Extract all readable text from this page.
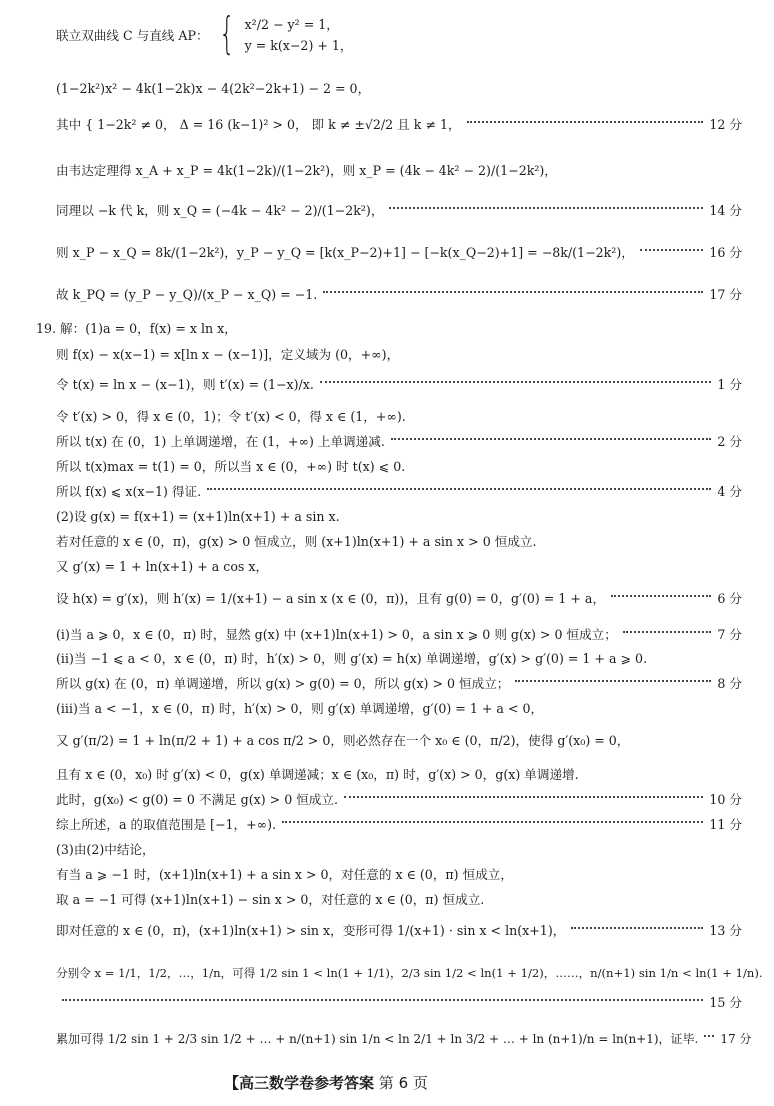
联立双曲线 C 与直线 AP： { x²/2 − y² = 1，
y = k(x−2) + 1，
(1−2k²)x² − 4k(1−2k)x − 4(2k²−2k+1) − 2 = 0，
其中 { 1−2k² ≠ 0， Δ = 16 (k−1)² > 0， 即 k ≠ ±√2/2 且 k ≠ 1，	12 分
由韦达定理得 x_A + x_P = 4k(1−2k)/(1−2k²)，则 x_P = (4k − 4k² − 2)/(1−2k²)，
同理以 −k 代 k，则 x_Q = (−4k − 4k² − 2)/(1−2k²)，	14 分
则 x_P − x_Q = 8k/(1−2k²)，y_P − y_Q = [k(x_P−2)+1] − [−k(x_Q−2)+1] = −8k/(1−2k²)，	16 分
故 k_PQ = (y_P − y_Q)/(x_P − x_Q) = −1.	17 分
19. 解：(1)a = 0，f(x) = x ln x，
则 f(x) − x(x−1) = x[ln x − (x−1)]，定义域为 (0，+∞)，
令 t(x) = ln x − (x−1)，则 t′(x) = (1−x)/x.	1 分
令 t′(x) > 0，得 x ∈ (0，1)；令 t′(x) < 0，得 x ∈ (1，+∞).
所以 t(x) 在 (0，1) 上单调递增，在 (1，+∞) 上单调递减.	2 分
所以 t(x)max = t(1) = 0，所以当 x ∈ (0，+∞) 时 t(x) ⩽ 0.
所以 f(x) ⩽ x(x−1) 得证.	4 分
(2)设 g(x) = f(x+1) = (x+1)ln(x+1) + a sin x.
若对任意的 x ∈ (0，π)，g(x) > 0 恒成立，则 (x+1)ln(x+1) + a sin x > 0 恒成立.
又 g′(x) = 1 + ln(x+1) + a cos x，
设 h(x) = g′(x)，则 h′(x) = 1/(x+1) − a sin x (x ∈ (0，π))，且有 g(0) = 0，g′(0) = 1 + a，	6 分
(ⅰ)当 a ⩾ 0，x ∈ (0，π) 时，显然 g(x) 中 (x+1)ln(x+1) > 0，a sin x ⩾ 0 则 g(x) > 0 恒成立；	7 分
(ⅱ)当 −1 ⩽ a < 0，x ∈ (0，π) 时，h′(x) > 0，则 g′(x) = h(x) 单调递增，g′(x) > g′(0) = 1 + a ⩾ 0.
所以 g(x) 在 (0，π) 单调递增，所以 g(x) > g(0) = 0，所以 g(x) > 0 恒成立；	8 分
(ⅲ)当 a < −1，x ∈ (0，π) 时，h′(x) > 0，则 g′(x) 单调递增，g′(0) = 1 + a < 0，
又 g′(π/2) = 1 + ln(π/2 + 1) + a cos π/2 > 0，则必然存在一个 x₀ ∈ (0，π/2)，使得 g′(x₀) = 0，
且有 x ∈ (0，x₀) 时 g′(x) < 0，g(x) 单调递减；x ∈ (x₀，π) 时，g′(x) > 0，g(x) 单调递增.
此时，g(x₀) < g(0) = 0 不满足 g(x) > 0 恒成立.	10 分
综上所述，a 的取值范围是 [−1，+∞).	11 分
(3)由(2)中结论，
有当 a ⩾ −1 时，(x+1)ln(x+1) + a sin x > 0，对任意的 x ∈ (0，π) 恒成立，
取 a = −1 可得 (x+1)ln(x+1) − sin x > 0，对任意的 x ∈ (0，π) 恒成立.
即对任意的 x ∈ (0，π)，(x+1)ln(x+1) > sin x，变形可得 1/(x+1) · sin x < ln(x+1)，	13 分
分别令 x = 1/1，1/2，…，1/n，可得 1/2 sin 1 < ln(1 + 1/1)，2/3 sin 1/2 < ln(1 + 1/2)，……，n/(n+1) sin 1/n < ln(1 + 1/n).
15 分
累加可得 1/2 sin 1 + 2/3 sin 1/2 + … + n/(n+1) sin 1/n < ln 2/1 + ln 3/2 + … + ln (n+1)/n = ln(n+1)，证毕. 17 分
【高三数学卷参考答案 第 6 页
